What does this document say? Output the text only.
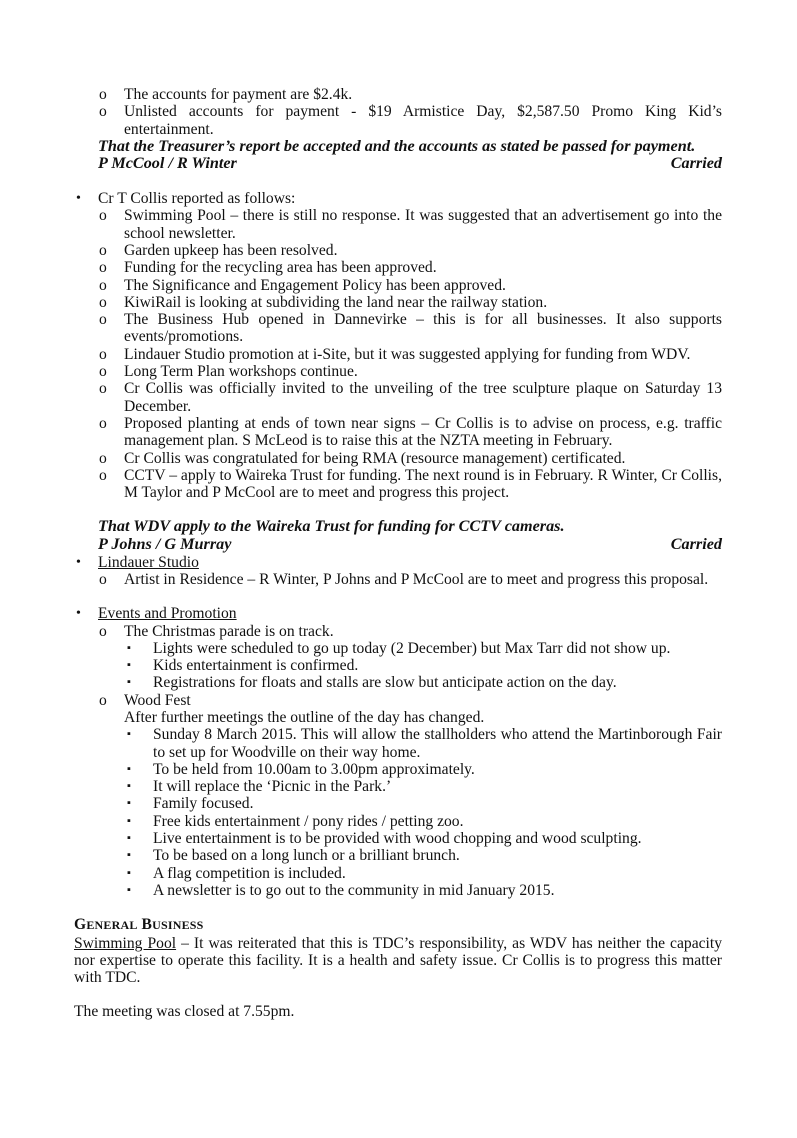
o The accounts for payment are $2.4k.
o Unlisted accounts for payment - $19 Armistice Day, $2,587.50 Promo King Kid’s entertainment.
That the Treasurer’s report be accepted and the accounts as stated be passed for payment.
P McCool / R Winter	Carried
• Cr T Collis reported as follows:
o Swimming Pool – there is still no response. It was suggested that an advertisement go into the school newsletter.
o Garden upkeep has been resolved.
o Funding for the recycling area has been approved.
o The Significance and Engagement Policy has been approved.
o KiwiRail is looking at subdividing the land near the railway station.
o The Business Hub opened in Dannevirke – this is for all businesses. It also supports events/promotions.
o Lindauer Studio promotion at i-Site, but it was suggested applying for funding from WDV.
o Long Term Plan workshops continue.
o Cr Collis was officially invited to the unveiling of the tree sculpture plaque on Saturday 13 December.
o Proposed planting at ends of town near signs – Cr Collis is to advise on process, e.g. traffic management plan. S McLeod is to raise this at the NZTA meeting in February.
o Cr Collis was congratulated for being RMA (resource management) certificated.
o CCTV – apply to Waireka Trust for funding. The next round is in February. R Winter, Cr Collis, M Taylor and P McCool are to meet and progress this project.
That WDV apply to the Waireka Trust for funding for CCTV cameras.
P Johns / G Murray	Carried
• Lindauer Studio
o Artist in Residence – R Winter, P Johns and P McCool are to meet and progress this proposal.
• Events and Promotion
o The Christmas parade is on track.
▪ Lights were scheduled to go up today (2 December) but Max Tarr did not show up.
▪ Kids entertainment is confirmed.
▪ Registrations for floats and stalls are slow but anticipate action on the day.
o Wood Fest
After further meetings the outline of the day has changed.
▪ Sunday 8 March 2015. This will allow the stallholders who attend the Martinborough Fair to set up for Woodville on their way home.
▪ To be held from 10.00am to 3.00pm approximately.
▪ It will replace the ‘Picnic in the Park.’
▪ Family focused.
▪ Free kids entertainment / pony rides / petting zoo.
▪ Live entertainment is to be provided with wood chopping and wood sculpting.
▪ To be based on a long lunch or a brilliant brunch.
▪ A flag competition is included.
▪ A newsletter is to go out to the community in mid January 2015.
GENERAL BUSINESS
Swimming Pool – It was reiterated that this is TDC’s responsibility, as WDV has neither the capacity nor expertise to operate this facility. It is a health and safety issue. Cr Collis is to progress this matter with TDC.
The meeting was closed at 7.55pm.
